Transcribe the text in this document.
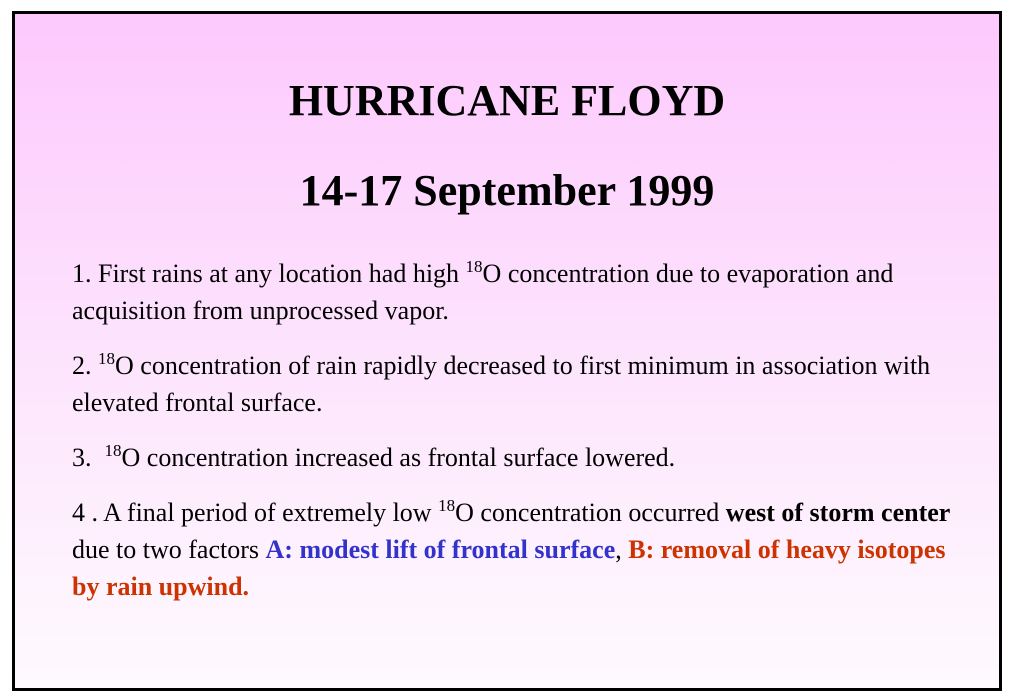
HURRICANE FLOYD
14-17 September 1999

1. First rains at any location had high $^{18}$O concentration due to evaporation and acquisition from unprocessed vapor.

2. $^{18}$O concentration of rain rapidly decreased to first minimum in association with elevated frontal surface.

3.  $^{18}$O concentration increased as frontal surface lowered.

4 . A final period of extremely low $^{18}$O concentration occurred west of storm center due to two factors A: modest lift of frontal surface, B: removal of heavy isotopes by rain upwind.
